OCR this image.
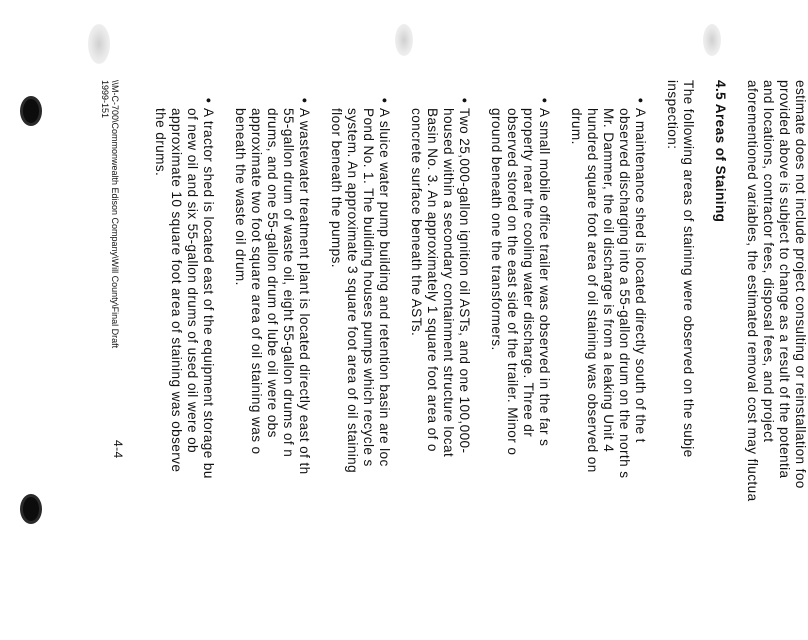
estimate does not include project consulting or reinstallation foo
provided above is subject to change as a result of the potentia
and locations, contractor fees, disposal fees, and project
aforementioned variables, the estimated removal cost may fluctua
4.5 Areas of Staining
The following areas of staining were observed on the subje
inspection:
•
A maintenance shed is located directly south of the t
observed discharging into a 55-gallon drum on the north s
Mr. Dammer, the oil discharge is from a leaking Unit 4
hundred square foot area of oil staining was observed on
drum.
•
A small mobile office trailer was observed in the far s
property near the cooling water discharge. Three dr
observed stored on the east side of the trailer. Minor o
ground beneath one the transformers.
•
Two 25,000-gallon ignition oil ASTs, and one 100,000-
housed within a secondary containment structure locat
Basin No. 3. An approximately 1 square foot area of o
concrete surface beneath the ASTs.
•
A sluice water pump building and retention basin are loc
Pond No. 1. The building houses pumps which recycle s
system. An approximate 3 square foot area of oil staining
floor beneath the pumps.
•
A wastewater treatment plant is located directly east of th
55-gallon drum of waste oil, eight 55-gallon drums of n
drums, and one 55-gallon drum of lube oil were obs
approximate two foot square area of oil staining was o
beneath the waste oil drum.
•
A tractor shed is located east of the equipment storage bu
of new oil and six 55-gallon drums of used oil were ob
approximate 10 square foot area of staining was observe
the drums.
\\M-C-700\Commonwealth Edison Company\Will County\Final Draft
1999-151
4-4
